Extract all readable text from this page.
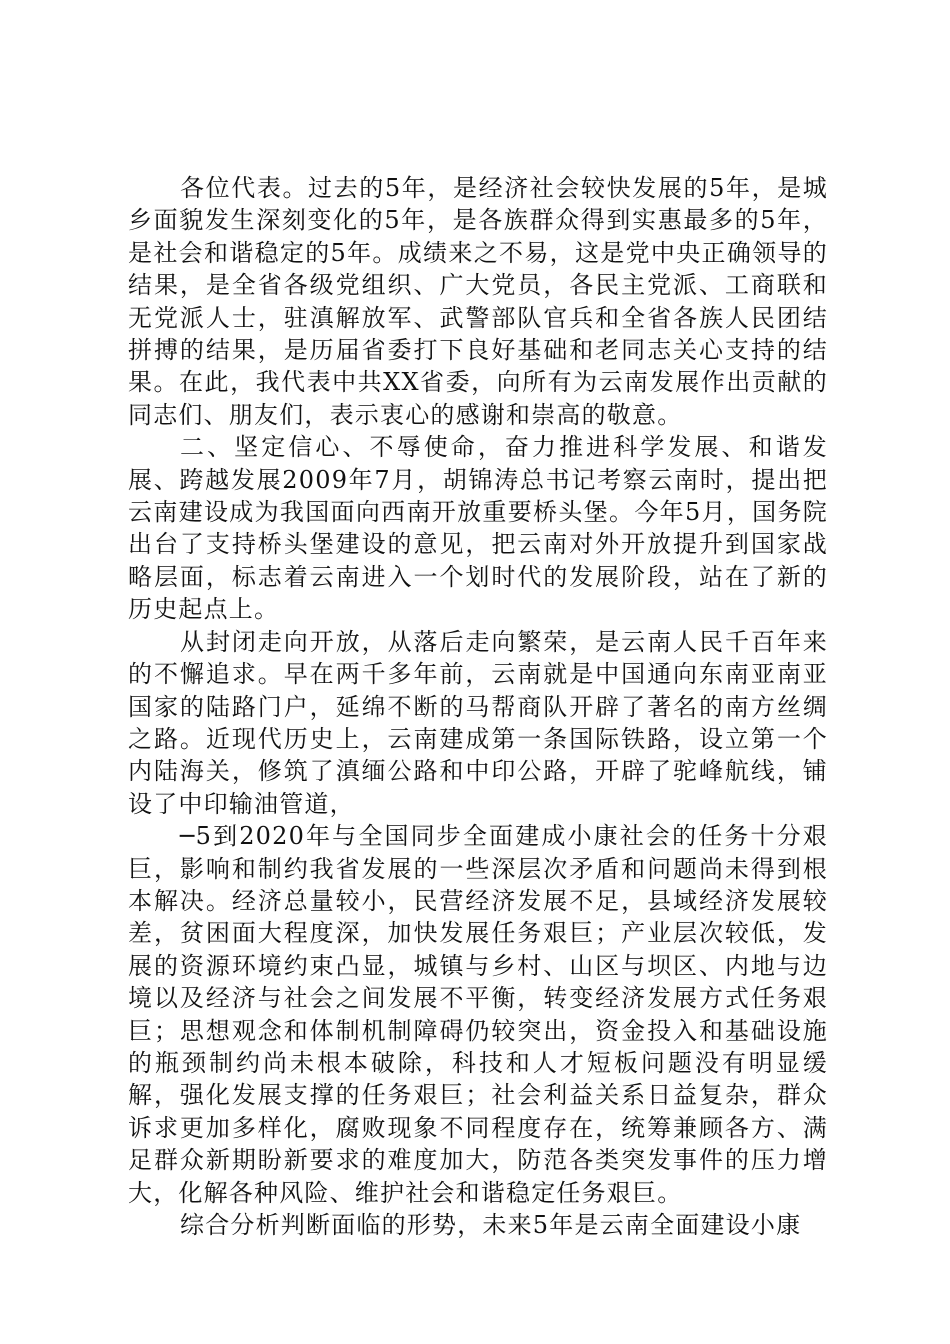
各位代表。过去的5年，是经济社会较快发展的5年，是城乡面貌发生深刻变化的5年，是各族群众得到实惠最多的5年，是社会和谐稳定的5年。成绩来之不易，这是党中央正确领导的结果，是全省各级党组织、广大党员，各民主党派、工商联和无党派人士，驻滇解放军、武警部队官兵和全省各族人民团结拼搏的结果，是历届省委打下良好基础和老同志关心支持的结果。在此，我代表中共XX省委，向所有为云南发展作出贡献的同志们、朋友们，表示衷心的感谢和崇高的敬意。

二、坚定信心、不辱使命，奋力推进科学发展、和谐发展、跨越发展2009年7月，胡锦涛总书记考察云南时，提出把云南建设成为我国面向西南开放重要桥头堡。今年5月，国务院出台了支持桥头堡建设的意见，把云南对外开放提升到国家战略层面，标志着云南进入一个划时代的发展阶段，站在了新的历史起点上。

从封闭走向开放，从落后走向繁荣，是云南人民千百年来的不懈追求。早在两千多年前，云南就是中国通向东南亚南亚国家的陆路门户，延绵不断的马帮商队开辟了著名的南方丝绸之路。近现代历史上，云南建成第一条国际铁路，设立第一个内陆海关，修筑了滇缅公路和中印公路，开辟了驼峰航线，铺设了中印输油管道，

─5到2020年与全国同步全面建成小康社会的任务十分艰巨，影响和制约我省发展的一些深层次矛盾和问题尚未得到根本解决。经济总量较小，民营经济发展不足，县域经济发展较差，贫困面大程度深，加快发展任务艰巨；产业层次较低，发展的资源环境约束凸显，城镇与乡村、山区与坝区、内地与边境以及经济与社会之间发展不平衡，转变经济发展方式任务艰巨；思想观念和体制机制障碍仍较突出，资金投入和基础设施的瓶颈制约尚未根本破除，科技和人才短板问题没有明显缓解，强化发展支撑的任务艰巨；社会利益关系日益复杂，群众诉求更加多样化，腐败现象不同程度存在，统筹兼顾各方、满足群众新期盼新要求的难度加大，防范各类突发事件的压力增大，化解各种风险、维护社会和谐稳定任务艰巨。

综合分析判断面临的形势，未来5年是云南全面建设小康
